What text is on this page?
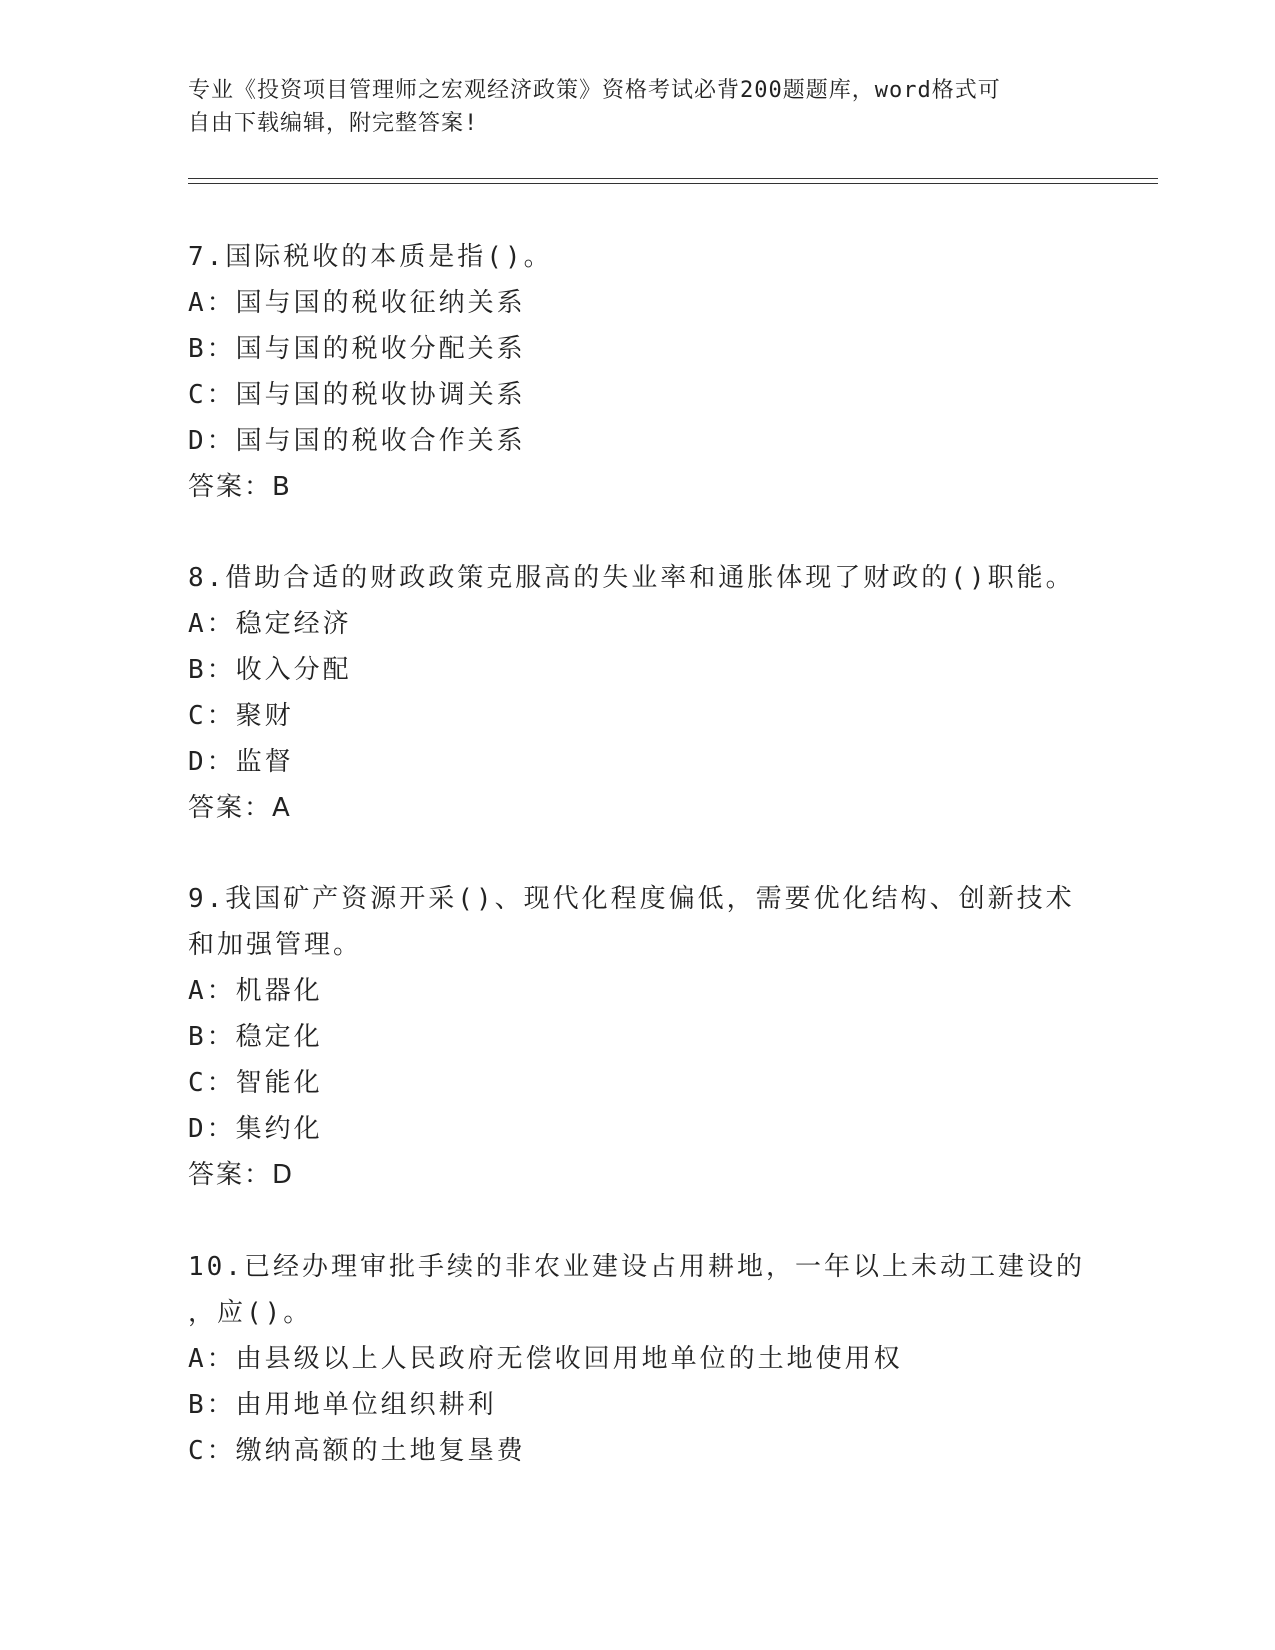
专业《投资项目管理师之宏观经济政策》资格考试必背200题题库，word格式可
自由下载编辑，附完整答案!
7.国际税收的本质是指()。
A：国与国的税收征纳关系
B：国与国的税收分配关系
C：国与国的税收协调关系
D：国与国的税收合作关系
答案：B
8.借助合适的财政政策克服高的失业率和通胀体现了财政的()职能。
A：稳定经济
B：收入分配
C：聚财
D：监督
答案：A
9.我国矿产资源开采()、现代化程度偏低，需要优化结构、创新技术
和加强管理。
A：机器化
B：稳定化
C：智能化
D：集约化
答案：D
10.已经办理审批手续的非农业建设占用耕地，一年以上未动工建设的
，应()。
A：由县级以上人民政府无偿收回用地单位的土地使用权
B：由用地单位组织耕利
C：缴纳高额的土地复垦费
